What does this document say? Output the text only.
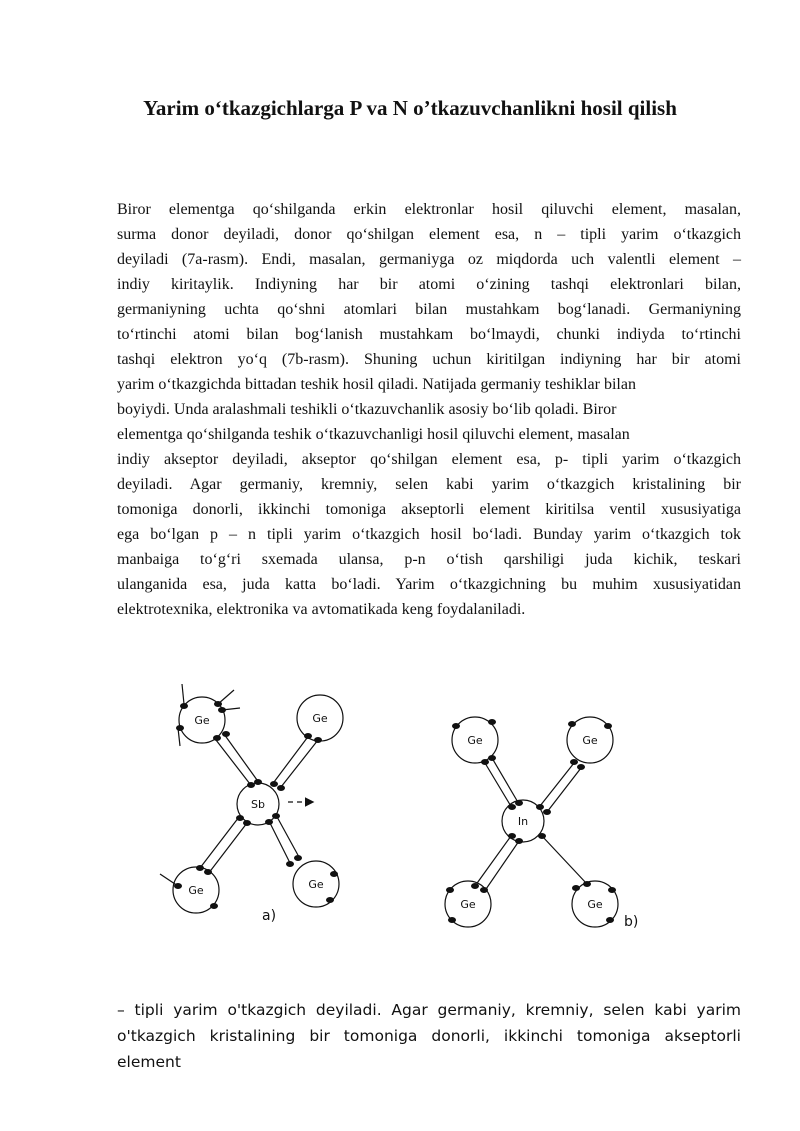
Yarim o‘tkazgichlarga P va N o’tkazuvchanlikni hosil qilish
Biror elementga qo‘shilganda erkin elektronlar hosil qiluvchi element, masalan,
surma donor deyiladi, donor qo‘shilgan element esa, n – tipli yarim o‘tkazgich
deyiladi (7a-rasm). Endi, masalan, germaniyga oz miqdorda uch valentli element –
indiy kiritaylik. Indiyning har bir atomi o‘zining tashqi elektronlari bilan,
germaniyning uchta qo‘shni atomlari bilan mustahkam bog‘lanadi. Germaniyning
to‘rtinchi atomi bilan bog‘lanish mustahkam bo‘lmaydi, chunki indiyda to‘rtinchi
tashqi elektron yo‘q (7b-rasm). Shuning uchun kiritilgan indiyning har bir atomi
yarim o‘tkazgichda bittadan teshik hosil qiladi. Natijada germaniy teshiklar bilan
boyiydi. Unda aralashmali teshikli o‘tkazuvchanlik asosiy bo‘lib qoladi. Biror
elementga qo‘shilganda teshik o‘tkazuvchanligi hosil qiluvchi element, masalan
indiy akseptor deyiladi, akseptor qo‘shilgan element esa, p- tipli yarim o‘tkazgich
deyiladi. Agar germaniy, kremniy, selen kabi yarim o‘tkazgich kristalining bir
tomoniga donorli, ikkinchi tomoniga akseptorli element kiritilsa ventil xususiyatiga
ega bo‘lgan p – n tipli yarim o‘tkazgich hosil bo‘ladi. Bunday yarim o‘tkazgich tok
manbaiga to‘g‘ri sxemada ulansa, p-n o‘tish qarshiligi juda kichik, teskari
ulanganida esa, juda katta bo‘ladi. Yarim o‘tkazgichning bu muhim xususiyatidan
elektrotexnika, elektronika va avtomatikada keng foydalaniladi.
Ge	Ge
Sb
Ge	Ge
Ge	Ge
In
Ge	Ge
a)	b)
– tipli yarim o'tkazgich deyiladi. Agar germaniy, kremniy, selen kabi yarim
o'tkazgich kristalining bir tomoniga donorli, ikkinchi tomoniga akseptorli element
